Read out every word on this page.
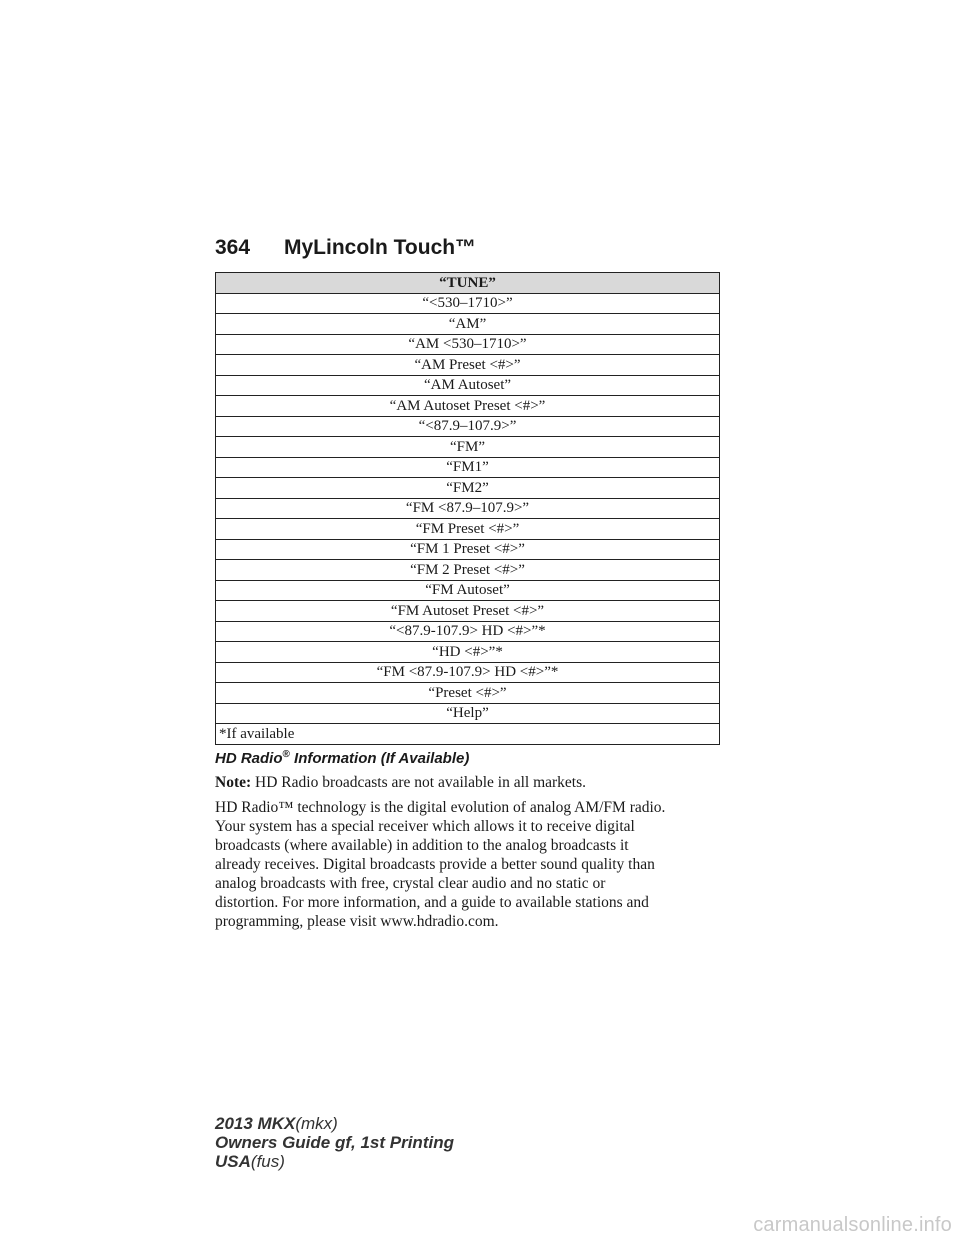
364 MyLincoln Touch™
“TUNE”
“<530–1710>”
“AM”
“AM <530–1710>”
“AM Preset <#>”
“AM Autoset”
“AM Autoset Preset <#>”
“<87.9–107.9>”
“FM”
“FM1”
“FM2”
“FM <87.9–107.9>”
“FM Preset <#>”
“FM 1 Preset <#>”
“FM 2 Preset <#>”
“FM Autoset”
“FM Autoset Preset <#>”
“<87.9-107.9> HD <#>”*
“HD <#>”*
“FM <87.9-107.9> HD <#>”*
“Preset <#>”
“Help”
*If available
HD Radio® Information (If Available)
Note: HD Radio broadcasts are not available in all markets.
HD Radio™ technology is the digital evolution of analog AM/FM radio.
Your system has a special receiver which allows it to receive digital
broadcasts (where available) in addition to the analog broadcasts it
already receives. Digital broadcasts provide a better sound quality than
analog broadcasts with free, crystal clear audio and no static or
distortion. For more information, and a guide to available stations and
programming, please visit www.hdradio.com.
2013 MKX(mkx)
Owners Guide gf, 1st Printing
USA(fus)
carmanualsonline.info
